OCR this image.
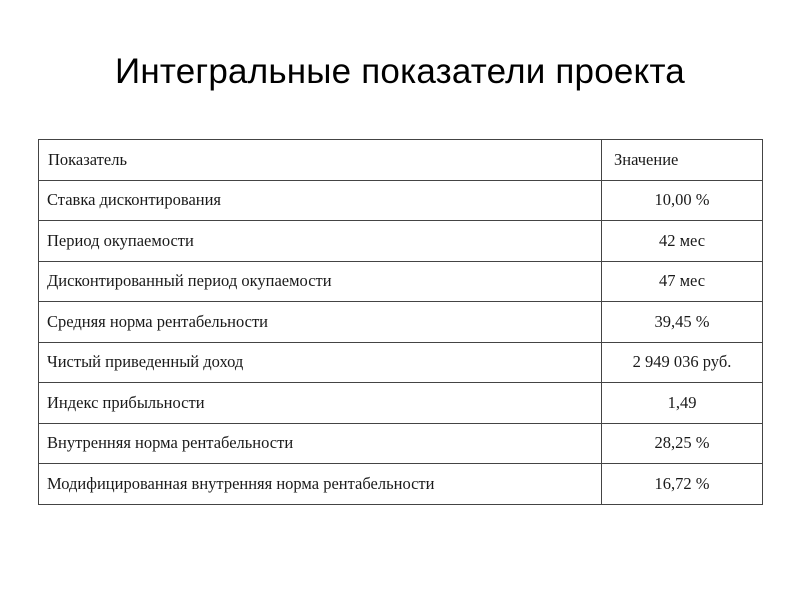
Интегральные показатели проекта
Показатель	Значение
Ставка дисконтирования	10,00 %
Период окупаемости	42 мес
Дисконтированный период окупаемости	47 мес
Средняя норма рентабельности	39,45 %
Чистый приведенный доход	2 949 036 руб.
Индекс прибыльности	1,49
Внутренняя норма рентабельности	28,25 %
Модифицированная внутренняя норма рентабельности	16,72 %
